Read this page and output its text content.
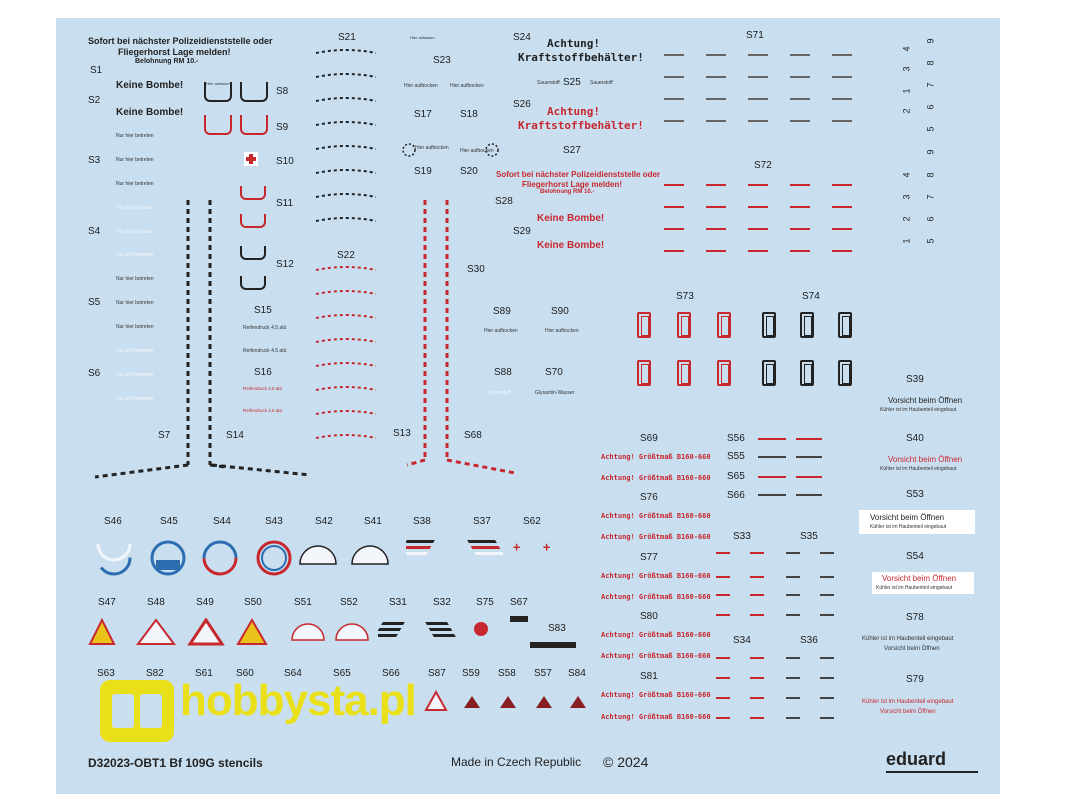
Sofort bei nächster Polizeidienststelle oder
Fliegerhorst Lage melden!
Belohnung RM 10.-
S1
Keine Bombe!
S2
Keine Bombe!
Nur hier betreten
S3	Nur hier betreten
Nur hier betreten
Nur hier betreten
S4	Nur hier betreten
Nur hier betreten
Nur hier betreten
S5	Nur hier betreten
Nur hier betreten
Nur hier betreten
S6	Nur hier betreten
Nur hier betreten
S7	S14
Hier anfassen
S8
S9
S10
S11
S12
S15
Reifendruck 4,5 atü
Reifendruck 4,5 atü
S16
Reifendruck 4,5 atü
Reifendruck 4,5 atü
S21
S22
S13	S68
Hier anfassen
S23
Hier aufbocken Hier aufbocken
S17	S18
Hier aufbocken Hier aufbocken
S19	S20
S24 Achtung!
Kraftstoffbehälter!
Sauerstoff S25 Sauerstoff
S26
Achtung!
Kraftstoffbehälter!
S27
Sofort bei nächster Polizeidienststelle oder
Fliegerhorst Lage melden!
Belohnung RM 10.-
S28
Keine Bombe!
S29
Keine Bombe!
S30
S89	S90
Hier aufbocken	Hier aufbocken
S88	S70
Sauerstoff	Glysantin-Wasser
S71
S72
4
3
1
2
9
8
7
6
5
9
4
3
2
1
8
7
6
5
S73	S74
S39
Vorsicht beim Öffnen
Kühler ist im Haubenteil eingebaut
S40
Vorsicht beim Öffnen
Kühler ist im Haubenteil eingebaut
S53
Vorsicht beim Öffnen
Kühler ist im Haubenteil eingebaut
S54
Vorsicht beim Öffnen
Kühler ist im Haubenteil eingebaut
S78
Kühler ist im Haubenteil eingebaut
Vorsicht beim Öffnen
S79
Kühler ist im Haubenteil eingebaut
Vorsicht beim Öffnen
S69
Achtung! Größtmaß B160-660
Achtung! Größtmaß B160-660
S76
Achtung! Größtmaß B160-660
Achtung! Größtmaß B160-660
S77
Achtung! Größtmaß B160-660
Achtung! Größtmaß B160-660
S80
Achtung! Größtmaß B160-660
Achtung! Größtmaß B160-660
S81
Achtung! Größtmaß B160-660
Achtung! Größtmaß B160-660
S56
S55
S65
S66
S33	S35
S34	S36
S46	S45	S44	S43	S42	S41	S38	S37	S62
+ +
S47	S48	S49	S50	S51	S52	S31	S32	S75 S67
S83
S63	S82	S61 S60	S64	S65	S66	S87 S59 S58 S57 S84
hobbysta.pl
D32023-OBT1 Bf 109G stencils	Made in Czech Republic © 2024	eduard
